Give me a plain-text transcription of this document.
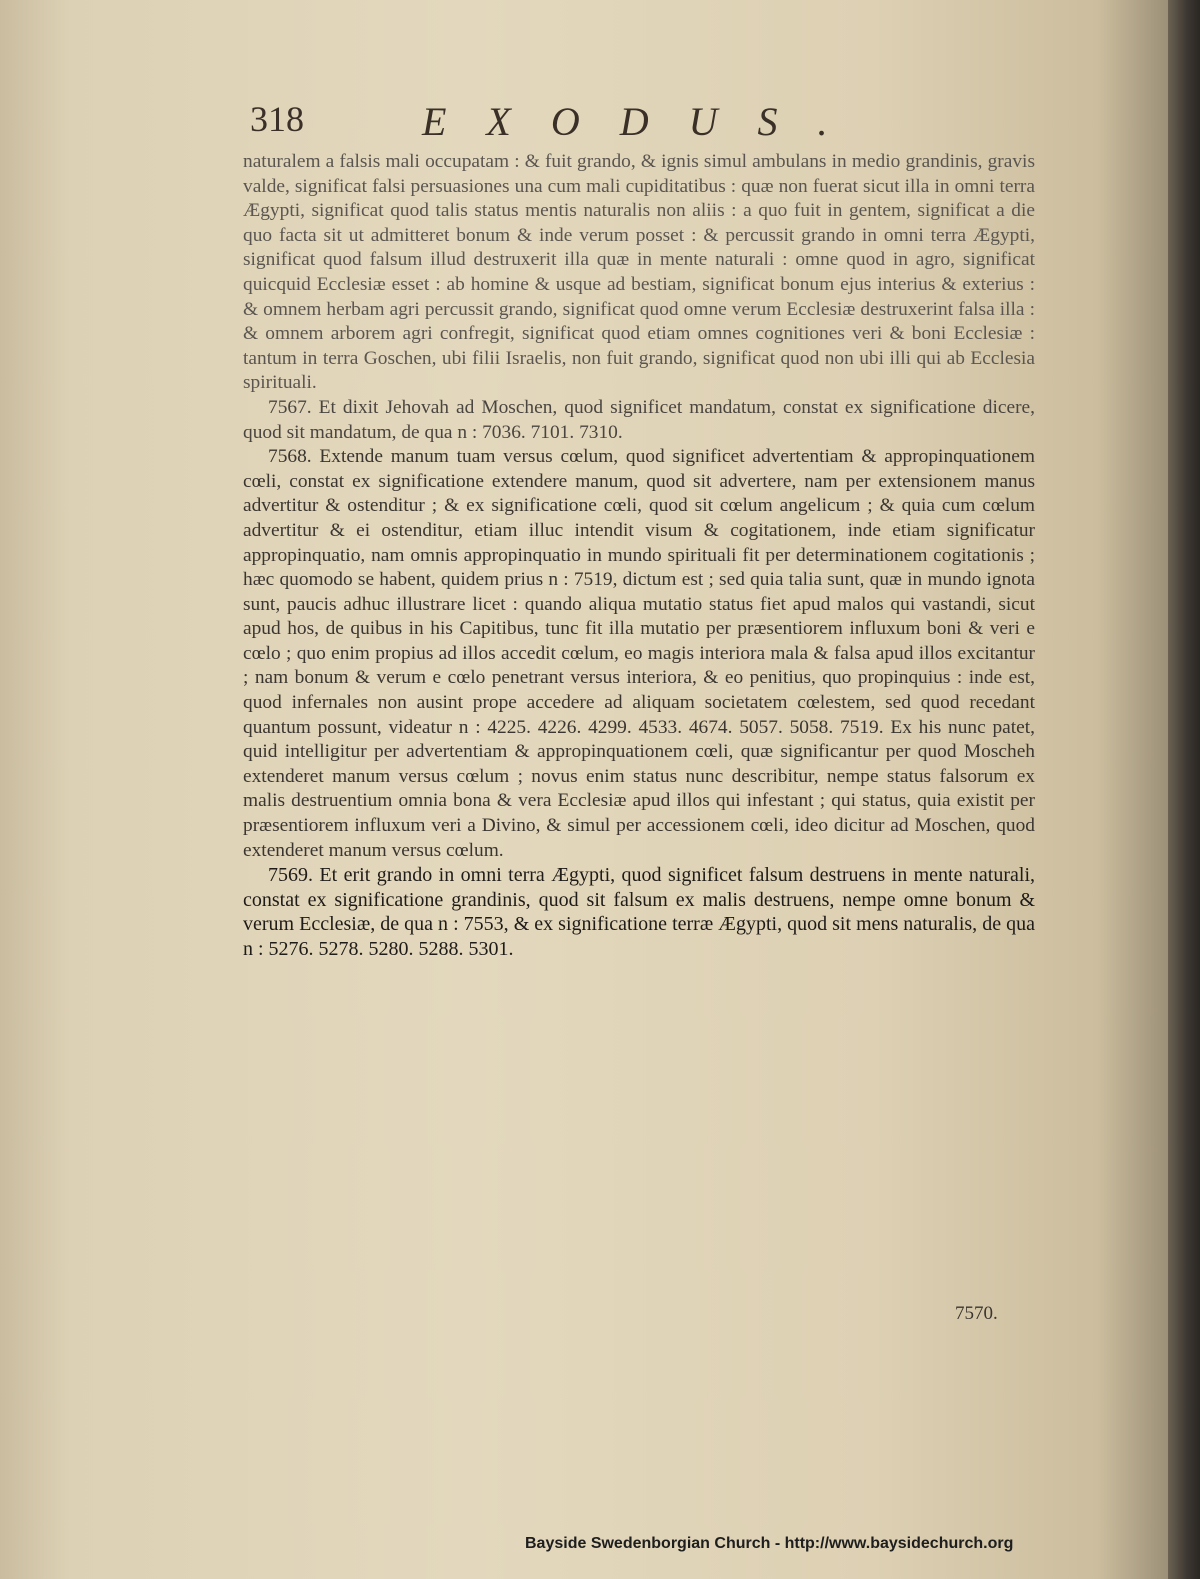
318	EXODUS.

naturalem a falsis mali occupatam : & fuit grando, & ignis simul ambulans in medio grandinis, gravis valde, significat falsi persuasiones una cum mali cupiditatibus : quæ non fuerat sicut illa in omni terra Ægypti, significat quod talis status mentis naturalis non aliis : a quo fuit in gentem, significat a die quo facta sit ut admitteret bonum & inde verum posset : & percussit grando in omni terra Ægypti, significat quod falsum illud destruxerit illa quæ in mente naturali : omne quod in agro, significat quicquid Ecclesiæ esset : ab homine & usque ad bestiam, significat bonum ejus interius & exterius : & omnem herbam agri percussit grando, significat quod omne verum Ecclesiæ destruxerint falsa illa : & omnem arborem agri confregit, significat quod etiam omnes cognitiones veri & boni Ecclesiæ : tantum in terra Goschen, ubi filii Israelis, non fuit grando, significat quod non ubi illi qui ab Ecclesia spirituali.

7567. Et dixit Jehovah ad Moschen, quod significet mandatum, constat ex significatione dicere, quod sit mandatum, de qua n : 7036. 7101. 7310.

7568. Extende manum tuam versus cœlum, quod significet advertentiam & appropinquationem cœli, constat ex significatione extendere manum, quod sit advertere, nam per extensionem manus advertitur & ostenditur ; & ex significatione cœli, quod sit cœlum angelicum ; & quia cum cœlum advertitur & ei ostenditur, etiam illuc intendit visum & cogitationem, inde etiam significatur appropinquatio, nam omnis appropinquatio in mundo spirituali fit per determinationem cogitationis ; hæc quomodo se habent, quidem prius n : 7519, dictum est ; sed quia talia sunt, quæ in mundo ignota sunt, paucis adhuc illustrare licet : quando aliqua mutatio status fiet apud malos qui vastandi, sicut apud hos, de quibus in his Capitibus, tunc fit illa mutatio per præsentiorem influxum boni & veri e cœlo ; quo enim propius ad illos accedit cœlum, eo magis interiora mala & falsa apud illos excitantur ; nam bonum & verum e cœlo penetrant versus interiora, & eo penitius, quo propinquius : inde est, quod infernales non ausint prope accedere ad aliquam societatem cœlestem, sed quod recedant quantum possunt, videatur n : 4225. 4226. 4299. 4533. 4674. 5057. 5058. 7519. Ex his nunc patet, quid intelligitur per advertentiam & appropinquationem cœli, quæ significantur per quod Moscheh extenderet manum versus cœlum ; novus enim status nunc describitur, nempe status falsorum ex malis destruentium omnia bona & vera Ecclesiæ apud illos qui infestant ; qui status, quia existit per præsentiorem influxum veri a Divino, & simul per accessionem cœli, ideo dicitur ad Moschen, quod extenderet manum versus cœlum.

7569. Et erit grando in omni terra Ægypti, quod significet falsum destruens in mente naturali, constat ex significatione grandinis, quod sit falsum ex malis destruens, nempe omne bonum & verum Ecclesiæ, de qua n : 7553, & ex significatione terræ Ægypti, quod sit mens naturalis, de qua n : 5276. 5278. 5280. 5288. 5301.

7570.
Bayside Swedenborgian Church - http://www.baysidechurch.org
